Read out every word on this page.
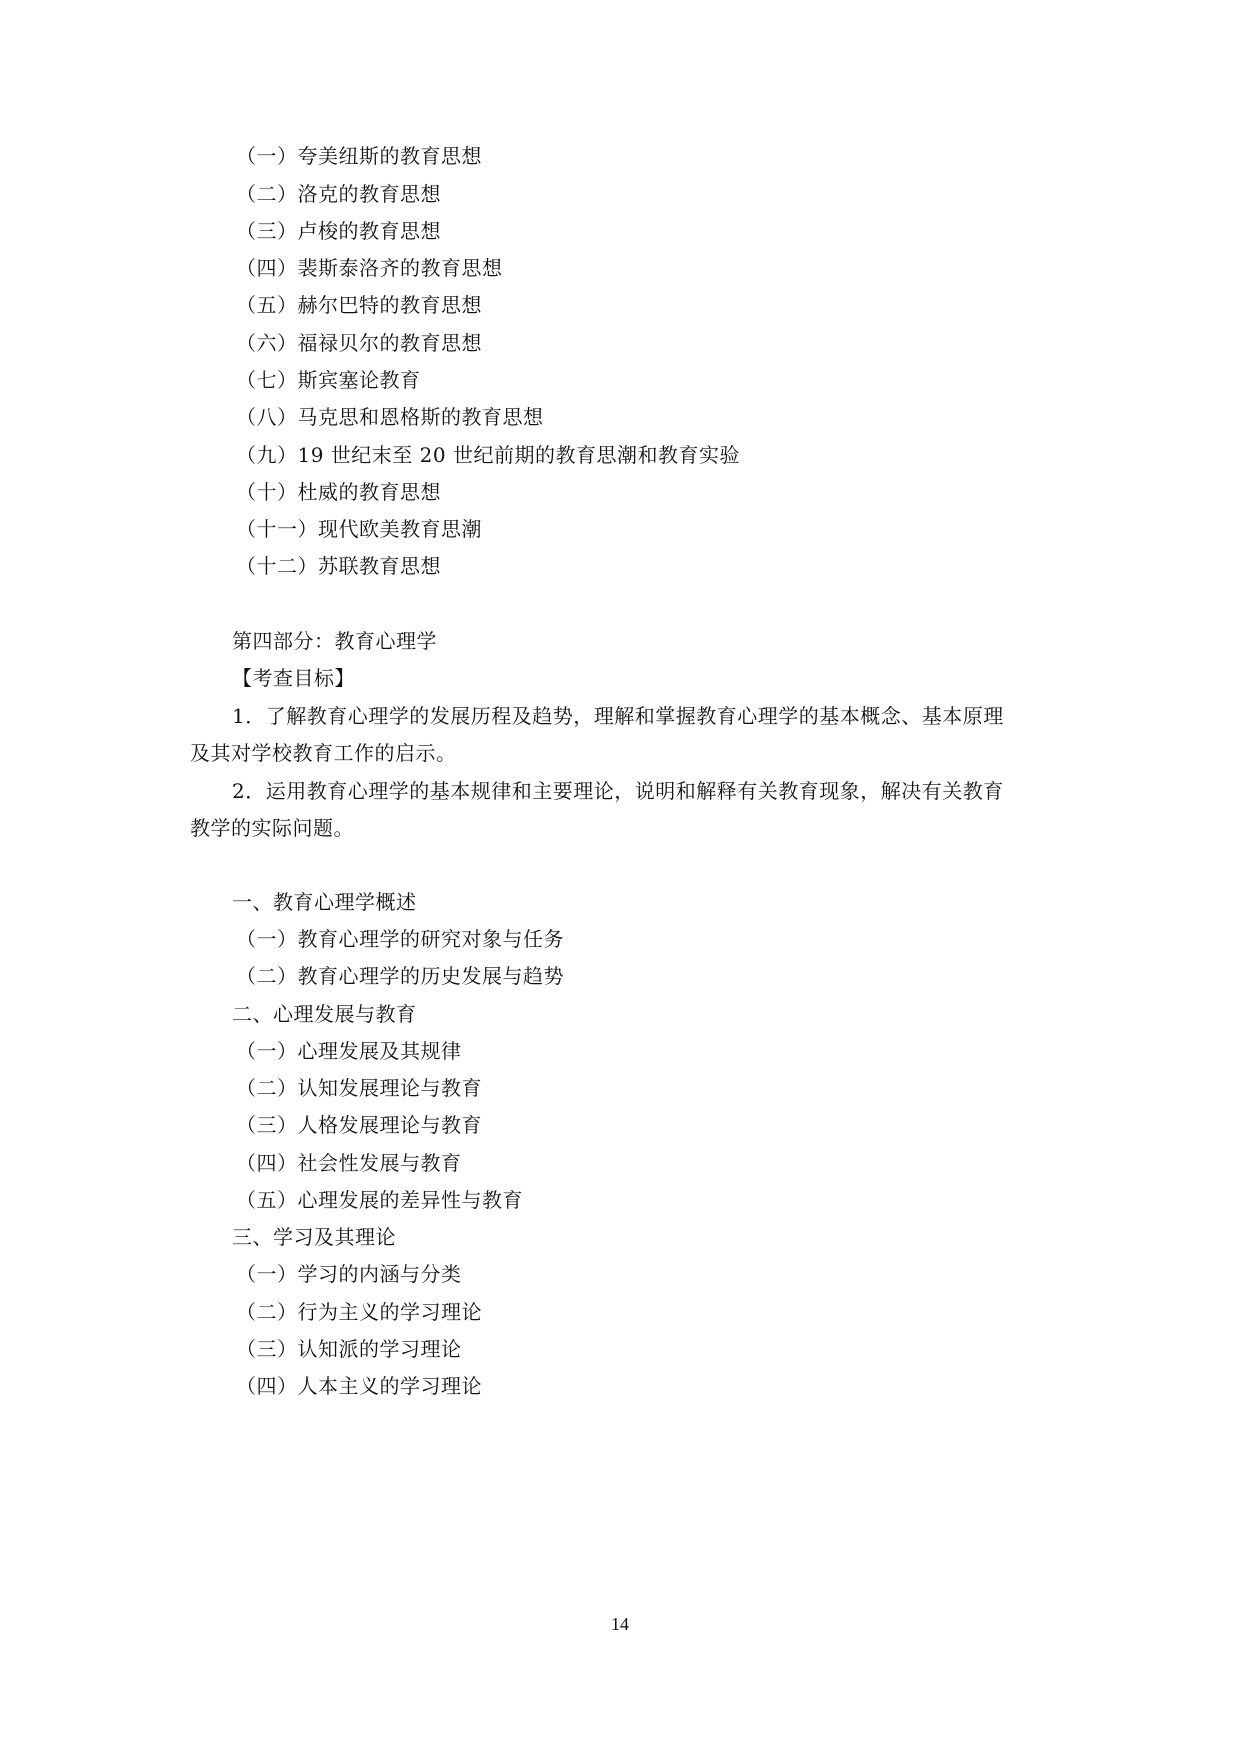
（一）夸美纽斯的教育思想
（二）洛克的教育思想
（三）卢梭的教育思想
（四）裴斯泰洛齐的教育思想
（五）赫尔巴特的教育思想
（六）福禄贝尔的教育思想
（七）斯宾塞论教育
（八）马克思和恩格斯的教育思想
（九）19 世纪末至 20 世纪前期的教育思潮和教育实验
（十）杜威的教育思想
（十一）现代欧美教育思潮
（十二）苏联教育思想
第四部分：教育心理学
【考查目标】
1．了解教育心理学的发展历程及趋势，理解和掌握教育心理学的基本概念、基本原理
及其对学校教育工作的启示。
2．运用教育心理学的基本规律和主要理论，说明和解释有关教育现象，解决有关教育
教学的实际问题。
一、教育心理学概述
（一）教育心理学的研究对象与任务
（二）教育心理学的历史发展与趋势
二、心理发展与教育
（一）心理发展及其规律
（二）认知发展理论与教育
（三）人格发展理论与教育
（四）社会性发展与教育
（五）心理发展的差异性与教育
三、学习及其理论
（一）学习的内涵与分类
（二）行为主义的学习理论
（三）认知派的学习理论
（四）人本主义的学习理论
14
